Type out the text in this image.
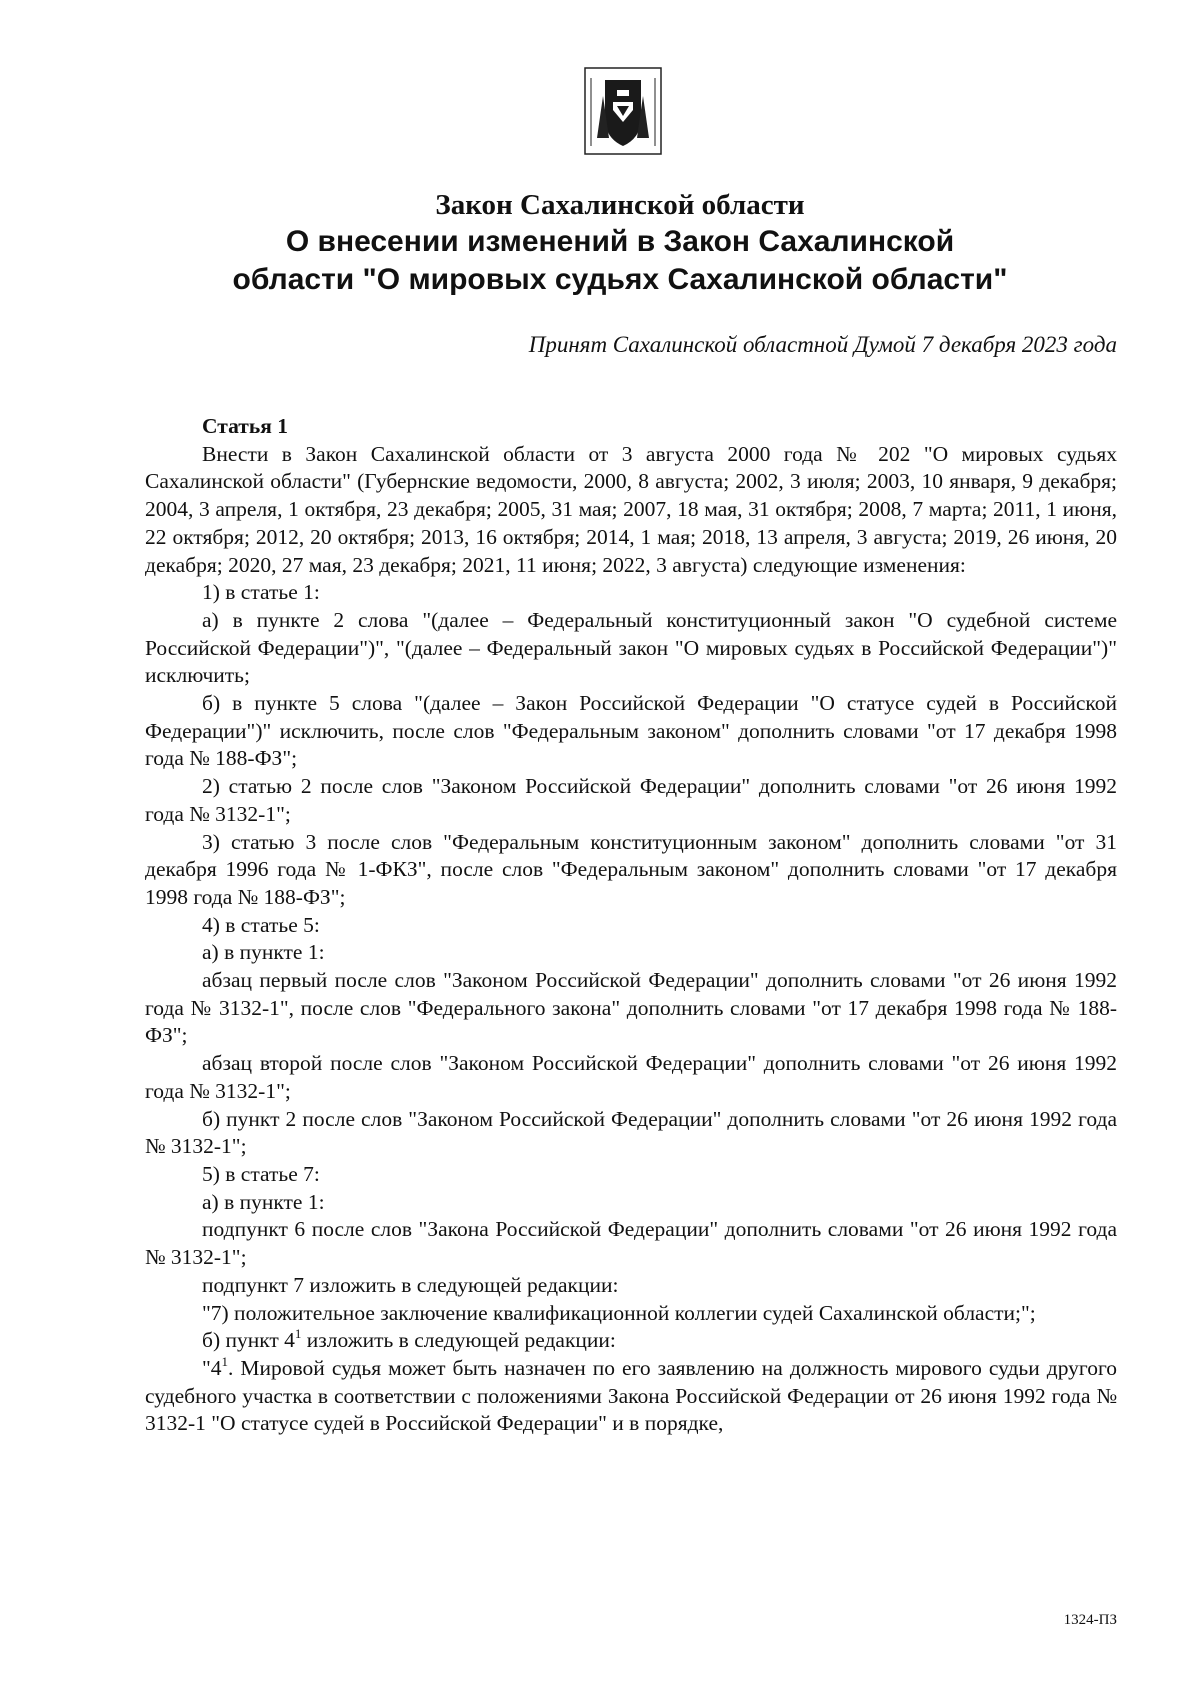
Закон Сахалинской области

О внесении изменений в Закон Сахалинской

области "О мировых судьях Сахалинской области"

Принят Сахалинской областной Думой 7 декабря 2023 года

Статья 1

Внести в Закон Сахалинской области от 3 августа 2000 года № 202 "О мировых судьях Сахалинской области" (Губернские ведомости, 2000, 8 августа; 2002, 3 июля; 2003, 10 января, 9 декабря; 2004, 3 апреля, 1 октября, 23 декабря; 2005, 31 мая; 2007, 18 мая, 31 октября; 2008, 7 марта; 2011, 1 июня, 22 октября; 2012, 20 октября; 2013, 16 октября; 2014, 1 мая; 2018, 13 апреля, 3 августа; 2019, 26 июня, 20 декабря; 2020, 27 мая, 23 декабря; 2021, 11 июня; 2022, 3 августа) следующие изменения:

1) в статье 1:

а) в пункте 2 слова "(далее – Федеральный конституционный закон "О судебной системе Российской Федерации")", "(далее – Федеральный закон "О мировых судьях в Российской Федерации")" исключить;

б) в пункте 5 слова "(далее – Закон Российской Федерации "О статусе судей в Российской Федерации")" исключить, после слов "Федеральным законом" дополнить словами "от 17 декабря 1998 года № 188-ФЗ";

2) статью 2 после слов "Законом Российской Федерации" дополнить словами "от 26 июня 1992 года № 3132-1";

3) статью 3 после слов "Федеральным конституционным законом" дополнить словами "от 31 декабря 1996 года № 1-ФКЗ", после слов "Федеральным законом" дополнить словами "от 17 декабря 1998 года № 188-ФЗ";

4) в статье 5:

а) в пункте 1:

абзац первый после слов "Законом Российской Федерации" дополнить словами "от 26 июня 1992 года № 3132-1", после слов "Федерального закона" дополнить словами "от 17 декабря 1998 года № 188-ФЗ";

абзац второй после слов "Законом Российской Федерации" дополнить словами "от 26 июня 1992 года № 3132-1";

б) пункт 2 после слов "Законом Российской Федерации" дополнить словами "от 26 июня 1992 года № 3132-1";

5) в статье 7:

а) в пункте 1:

подпункт 6 после слов "Закона Российской Федерации" дополнить словами "от 26 июня 1992 года № 3132-1";

подпункт 7 изложить в следующей редакции:

"7) положительное заключение квалификационной коллегии судей Сахалинской области;";

б) пункт $4^1$ изложить в следующей редакции:

"$4^1$. Мировой судья может быть назначен по его заявлению на должность мирового судьи другого судебного участка в соответствии с положениями Закона Российской Федерации от 26 июня 1992 года № 3132-1 "О статусе судей в Российской Федерации" и в порядке,

1324-ПЗ
